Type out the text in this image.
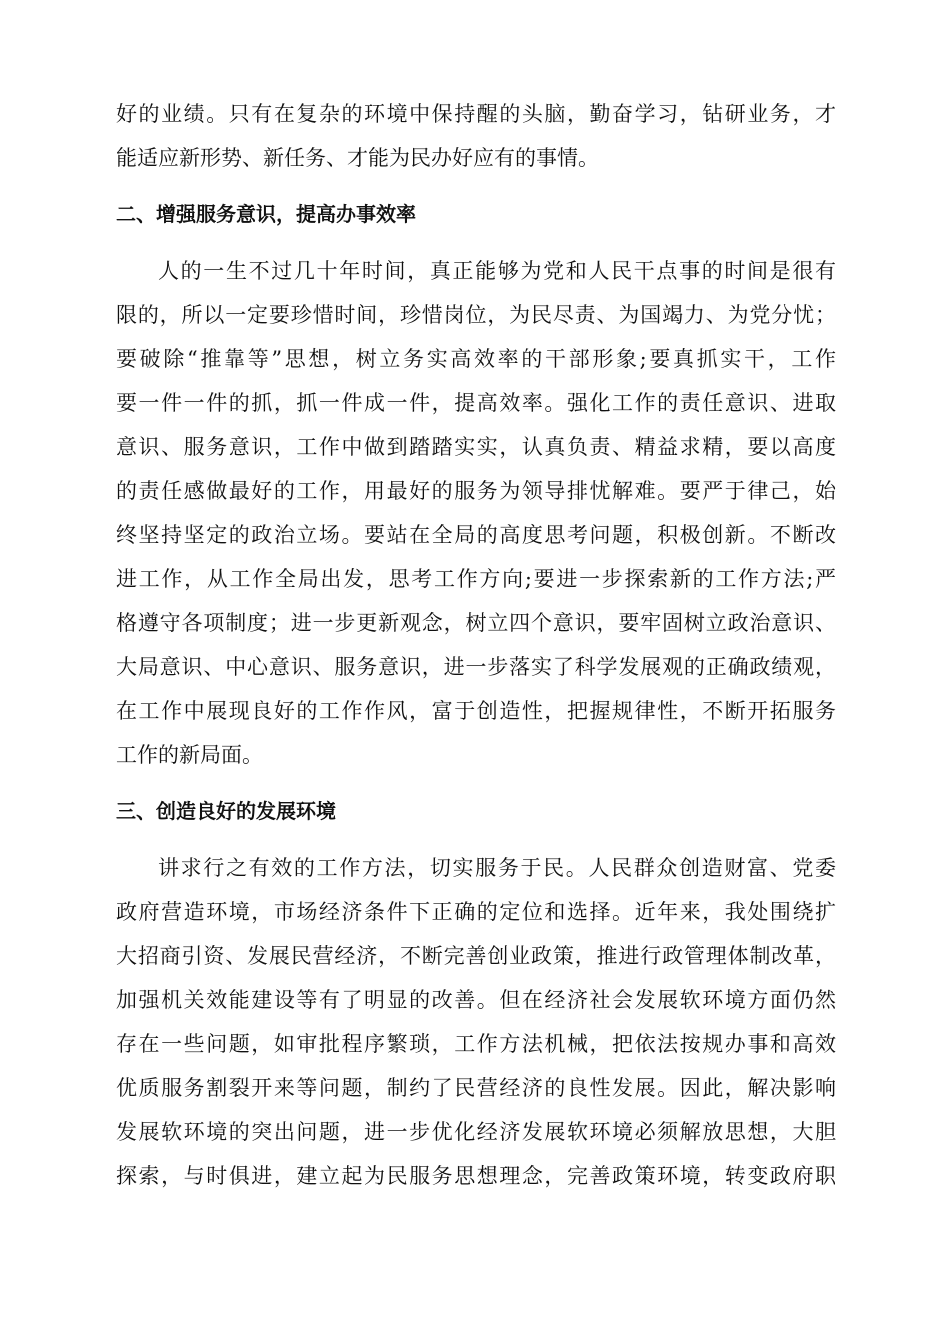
好的业绩。只有在复杂的环境中保持醒的头脑，勤奋学习，钻研业务，才
能适应新形势、新任务、才能为民办好应有的事情。
二、增强服务意识，提高办事效率
人的一生不过几十年时间，真正能够为党和人民干点事的时间是很有
限的，所以一定要珍惜时间，珍惜岗位，为民尽责、为国竭力、为党分忧；
要破除“推靠等”思想，树立务实高效率的干部形象;要真抓实干，工作
要一件一件的抓，抓一件成一件，提高效率。强化工作的责任意识、进取
意识、服务意识，工作中做到踏踏实实，认真负责、精益求精，要以高度
的责任感做最好的工作，用最好的服务为领导排忧解难。要严于律己，始
终坚持坚定的政治立场。要站在全局的高度思考问题，积极创新。不断改
进工作，从工作全局出发，思考工作方向;要进一步探索新的工作方法;严
格遵守各项制度；进一步更新观念，树立四个意识，要牢固树立政治意识、
大局意识、中心意识、服务意识，进一步落实了科学发展观的正确政绩观，
在工作中展现良好的工作作风，富于创造性，把握规律性，不断开拓服务
工作的新局面。
三、创造良好的发展环境
讲求行之有效的工作方法，切实服务于民。人民群众创造财富、党委
政府营造环境，市场经济条件下正确的定位和选择。近年来，我处围绕扩
大招商引资、发展民营经济，不断完善创业政策，推进行政管理体制改革，
加强机关效能建设等有了明显的改善。但在经济社会发展软环境方面仍然
存在一些问题，如审批程序繁琐，工作方法机械，把依法按规办事和高效
优质服务割裂开来等问题，制约了民营经济的良性发展。因此，解决影响
发展软环境的突出问题，进一步优化经济发展软环境必须解放思想，大胆
探索，与时俱进，建立起为民服务思想理念，完善政策环境，转变政府职
